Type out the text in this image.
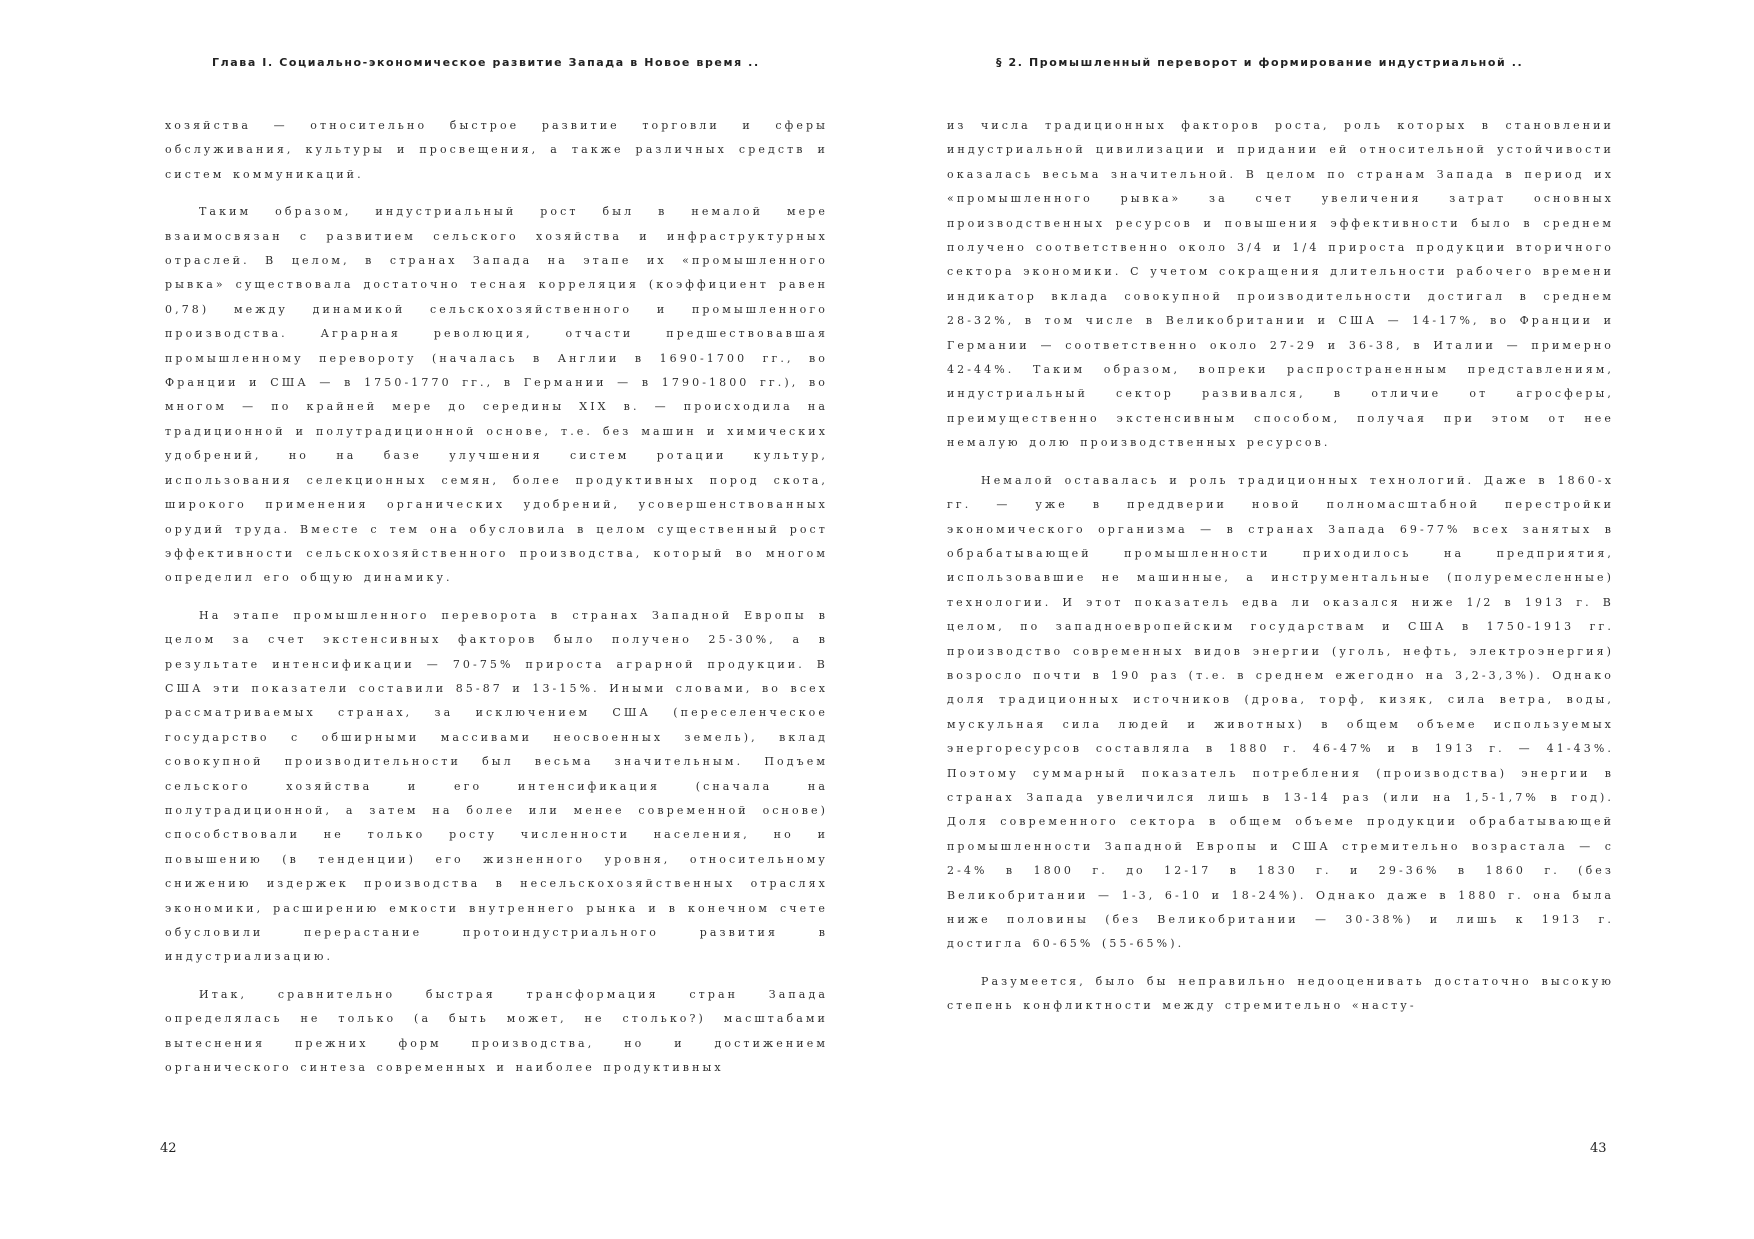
Глава I. Социально-экономическое развитие Запада в Новое время ..

хозяйства — относительно быстрое развитие торговли и сферы обслуживания, культуры и просвещения, а также различных средств и систем коммуникаций.

Таким образом, индустриальный рост был в немалой мере взаимосвязан с развитием сельского хозяйства и инфраструктурных отраслей. В целом, в странах Запада на этапе их «промышленного рывка» существовала достаточно тесная корреляция (коэффициент равен 0,78) между динамикой сельскохозяйственного и промышленного производства. Аграрная революция, отчасти предшествовавшая промышленному перевороту (началась в Англии в 1690-1700 гг., во Франции и США — в 1750-1770 гг., в Германии — в 1790-1800 гг.), во многом — по крайней мере до середины XIX в. — происходила на традиционной и полутрадиционной основе, т.е. без машин и химических удобрений, но на базе улучшения систем ротации культур, использования селекционных семян, более продуктивных пород скота, широкого применения органических удобрений, усовершенствованных орудий труда. Вместе с тем она обусловила в целом существенный рост эффективности сельскохозяйственного производства, который во многом определил его общую динамику.

На этапе промышленного переворота в странах Западной Европы в целом за счет экстенсивных факторов было получено 25-30%, а в результате интенсификации — 70-75% прироста аграрной продукции. В США эти показатели составили 85-87 и 13-15%. Иными словами, во всех рассматриваемых странах, за исключением США (переселенческое государство с обширными массивами неосвоенных земель), вклад совокупной производительности был весьма значительным. Подъем сельского хозяйства и его интенсификация (сначала на полутрадиционной, а затем на более или менее современной основе) способствовали не только росту численности населения, но и повышению (в тенденции) его жизненного уровня, относительному снижению издержек производства в несельскохозяйственных отраслях экономики, расширению емкости внутреннего рынка и в конечном счете обусловили перерастание протоиндустриального развития в индустриализацию.

Итак, сравнительно быстрая трансформация стран Запада определялась не только (а быть может, не столько?) масштабами вытеснения прежних форм производства, но и достижением органического синтеза современных и наиболее продуктивных

42
§ 2. Промышленный переворот и формирование индустриальной ..

из числа традиционных факторов роста, роль которых в становлении индустриальной цивилизации и придании ей относительной устойчивости оказалась весьма значительной. В целом по странам Запада в период их «промышленного рывка» за счет увеличения затрат основных производственных ресурсов и повышения эффективности было в среднем получено соответственно около 3/4 и 1/4 прироста продукции вторичного сектора экономики. С учетом сокращения длительности рабочего времени индикатор вклада совокупной производительности достигал в среднем 28-32%, в том числе в Великобритании и США — 14-17%, во Франции и Германии — соответственно около 27-29 и 36-38, в Италии — примерно 42-44%. Таким образом, вопреки распространенным представлениям, индустриальный сектор развивался, в отличие от агросферы, преимущественно экстенсивным способом, получая при этом от нее немалую долю производственных ресурсов.

Немалой оставалась и роль традиционных технологий. Даже в 1860-х гг. — уже в преддверии новой полномасштабной перестройки экономического организма — в странах Запада 69-77% всех занятых в обрабатывающей промышленности приходилось на предприятия, использовавшие не машинные, а инструментальные (полуремесленные) технологии. И этот показатель едва ли оказался ниже 1/2 в 1913 г. В целом, по западноевропейским государствам и США в 1750-1913 гг. производство современных видов энергии (уголь, нефть, электроэнергия) возросло почти в 190 раз (т.е. в среднем ежегодно на 3,2-3,3%). Однако доля традиционных источников (дрова, торф, кизяк, сила ветра, воды, мускульная сила людей и животных) в общем объеме используемых энергоресурсов составляла в 1880 г. 46-47% и в 1913 г. — 41-43%. Поэтому суммарный показатель потребления (производства) энергии в странах Запада увеличился лишь в 13-14 раз (или на 1,5-1,7% в год). Доля современного сектора в общем объеме продукции обрабатывающей промышленности Западной Европы и США стремительно возрастала — с 2-4% в 1800 г. до 12-17 в 1830 г. и 29-36% в 1860 г. (без Великобритании — 1-3, 6-10 и 18-24%). Однако даже в 1880 г. она была ниже половины (без Великобритании — 30-38%) и лишь к 1913 г. достигла 60-65% (55-65%).

Разумеется, было бы неправильно недооценивать достаточно высокую степень конфликтности между стремительно «насту-

43
